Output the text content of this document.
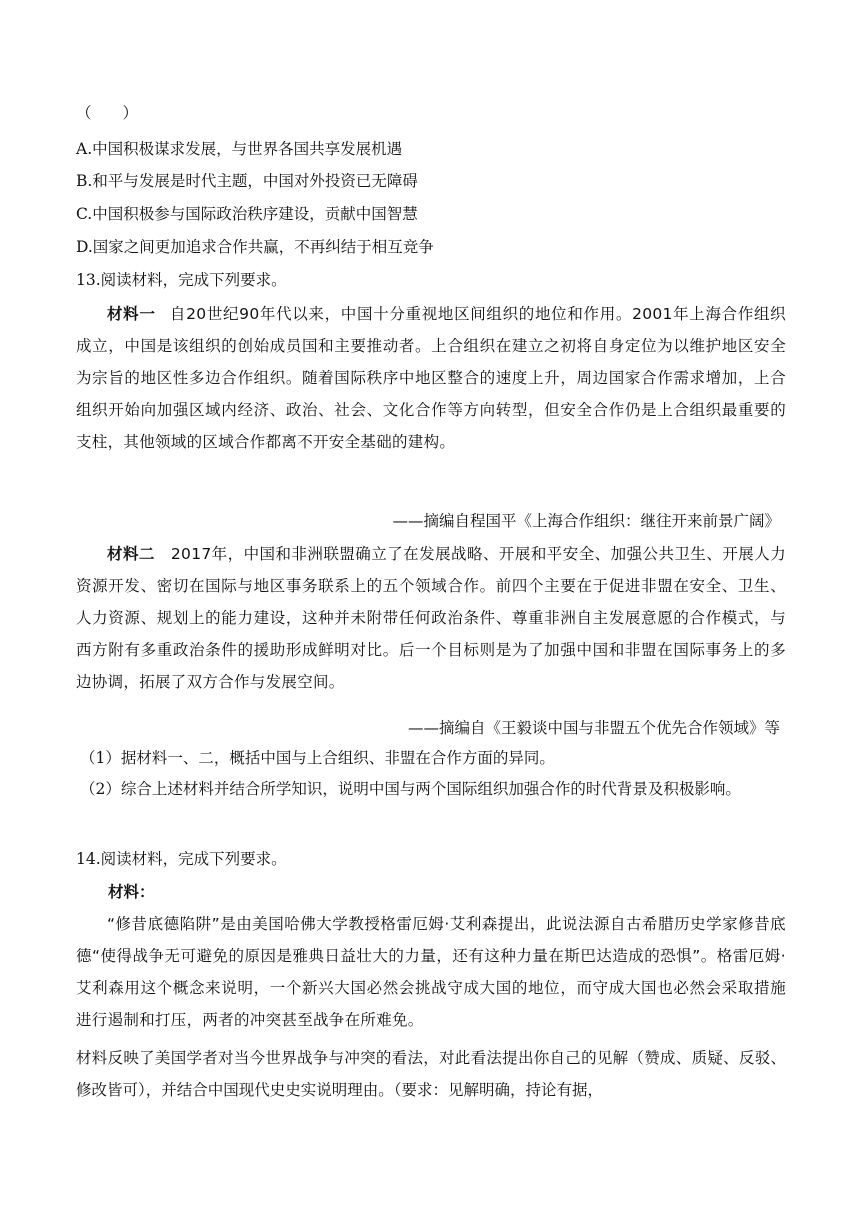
（　　）
A.中国积极谋求发展，与世界各国共享发展机遇
B.和平与发展是时代主题，中国对外投资已无障碍
C.中国积极参与国际政治秩序建设，贡献中国智慧
D.国家之间更加追求合作共赢，不再纠结于相互竞争
13.阅读材料，完成下列要求。
材料一 自20世纪90年代以来，中国十分重视地区间组织的地位和作用。2001年上海合作组织成立，中国是该组织的创始成员国和主要推动者。上合组织在建立之初将自身定位为以维护地区安全为宗旨的地区性多边合作组织。随着国际秩序中地区整合的速度上升，周边国家合作需求增加，上合组织开始向加强区域内经济、政治、社会、文化合作等方向转型，但安全合作仍是上合组织最重要的支柱，其他领域的区域合作都离不开安全基础的建构。
——摘编自程国平《上海合作组织：继往开来前景广阔》
材料二 2017年，中国和非洲联盟确立了在发展战略、开展和平安全、加强公共卫生、开展人力资源开发、密切在国际与地区事务联系上的五个领域合作。前四个主要在于促进非盟在安全、卫生、人力资源、规划上的能力建设，这种并未附带任何政治条件、尊重非洲自主发展意愿的合作模式，与西方附有多重政治条件的援助形成鲜明对比。后一个目标则是为了加强中国和非盟在国际事务上的多边协调，拓展了双方合作与发展空间。
——摘编自《王毅谈中国与非盟五个优先合作领域》等
（1）据材料一、二，概括中国与上合组织、非盟在合作方面的异同。
（2）综合上述材料并结合所学知识，说明中国与两个国际组织加强合作的时代背景及积极影响。
14.阅读材料，完成下列要求。
材料：
“修昔底德陷阱”是由美国哈佛大学教授格雷厄姆·艾利森提出，此说法源自古希腊历史学家修昔底德“使得战争无可避免的原因是雅典日益壮大的力量，还有这种力量在斯巴达造成的恐惧”。格雷厄姆·艾利森用这个概念来说明，一个新兴大国必然会挑战守成大国的地位，而守成大国也必然会采取措施进行遏制和打压，两者的冲突甚至战争在所难免。
材料反映了美国学者对当今世界战争与冲突的看法，对此看法提出你自己的见解（赞成、质疑、反驳、修改皆可），并结合中国现代史史实说明理由。（要求：见解明确，持论有据，
